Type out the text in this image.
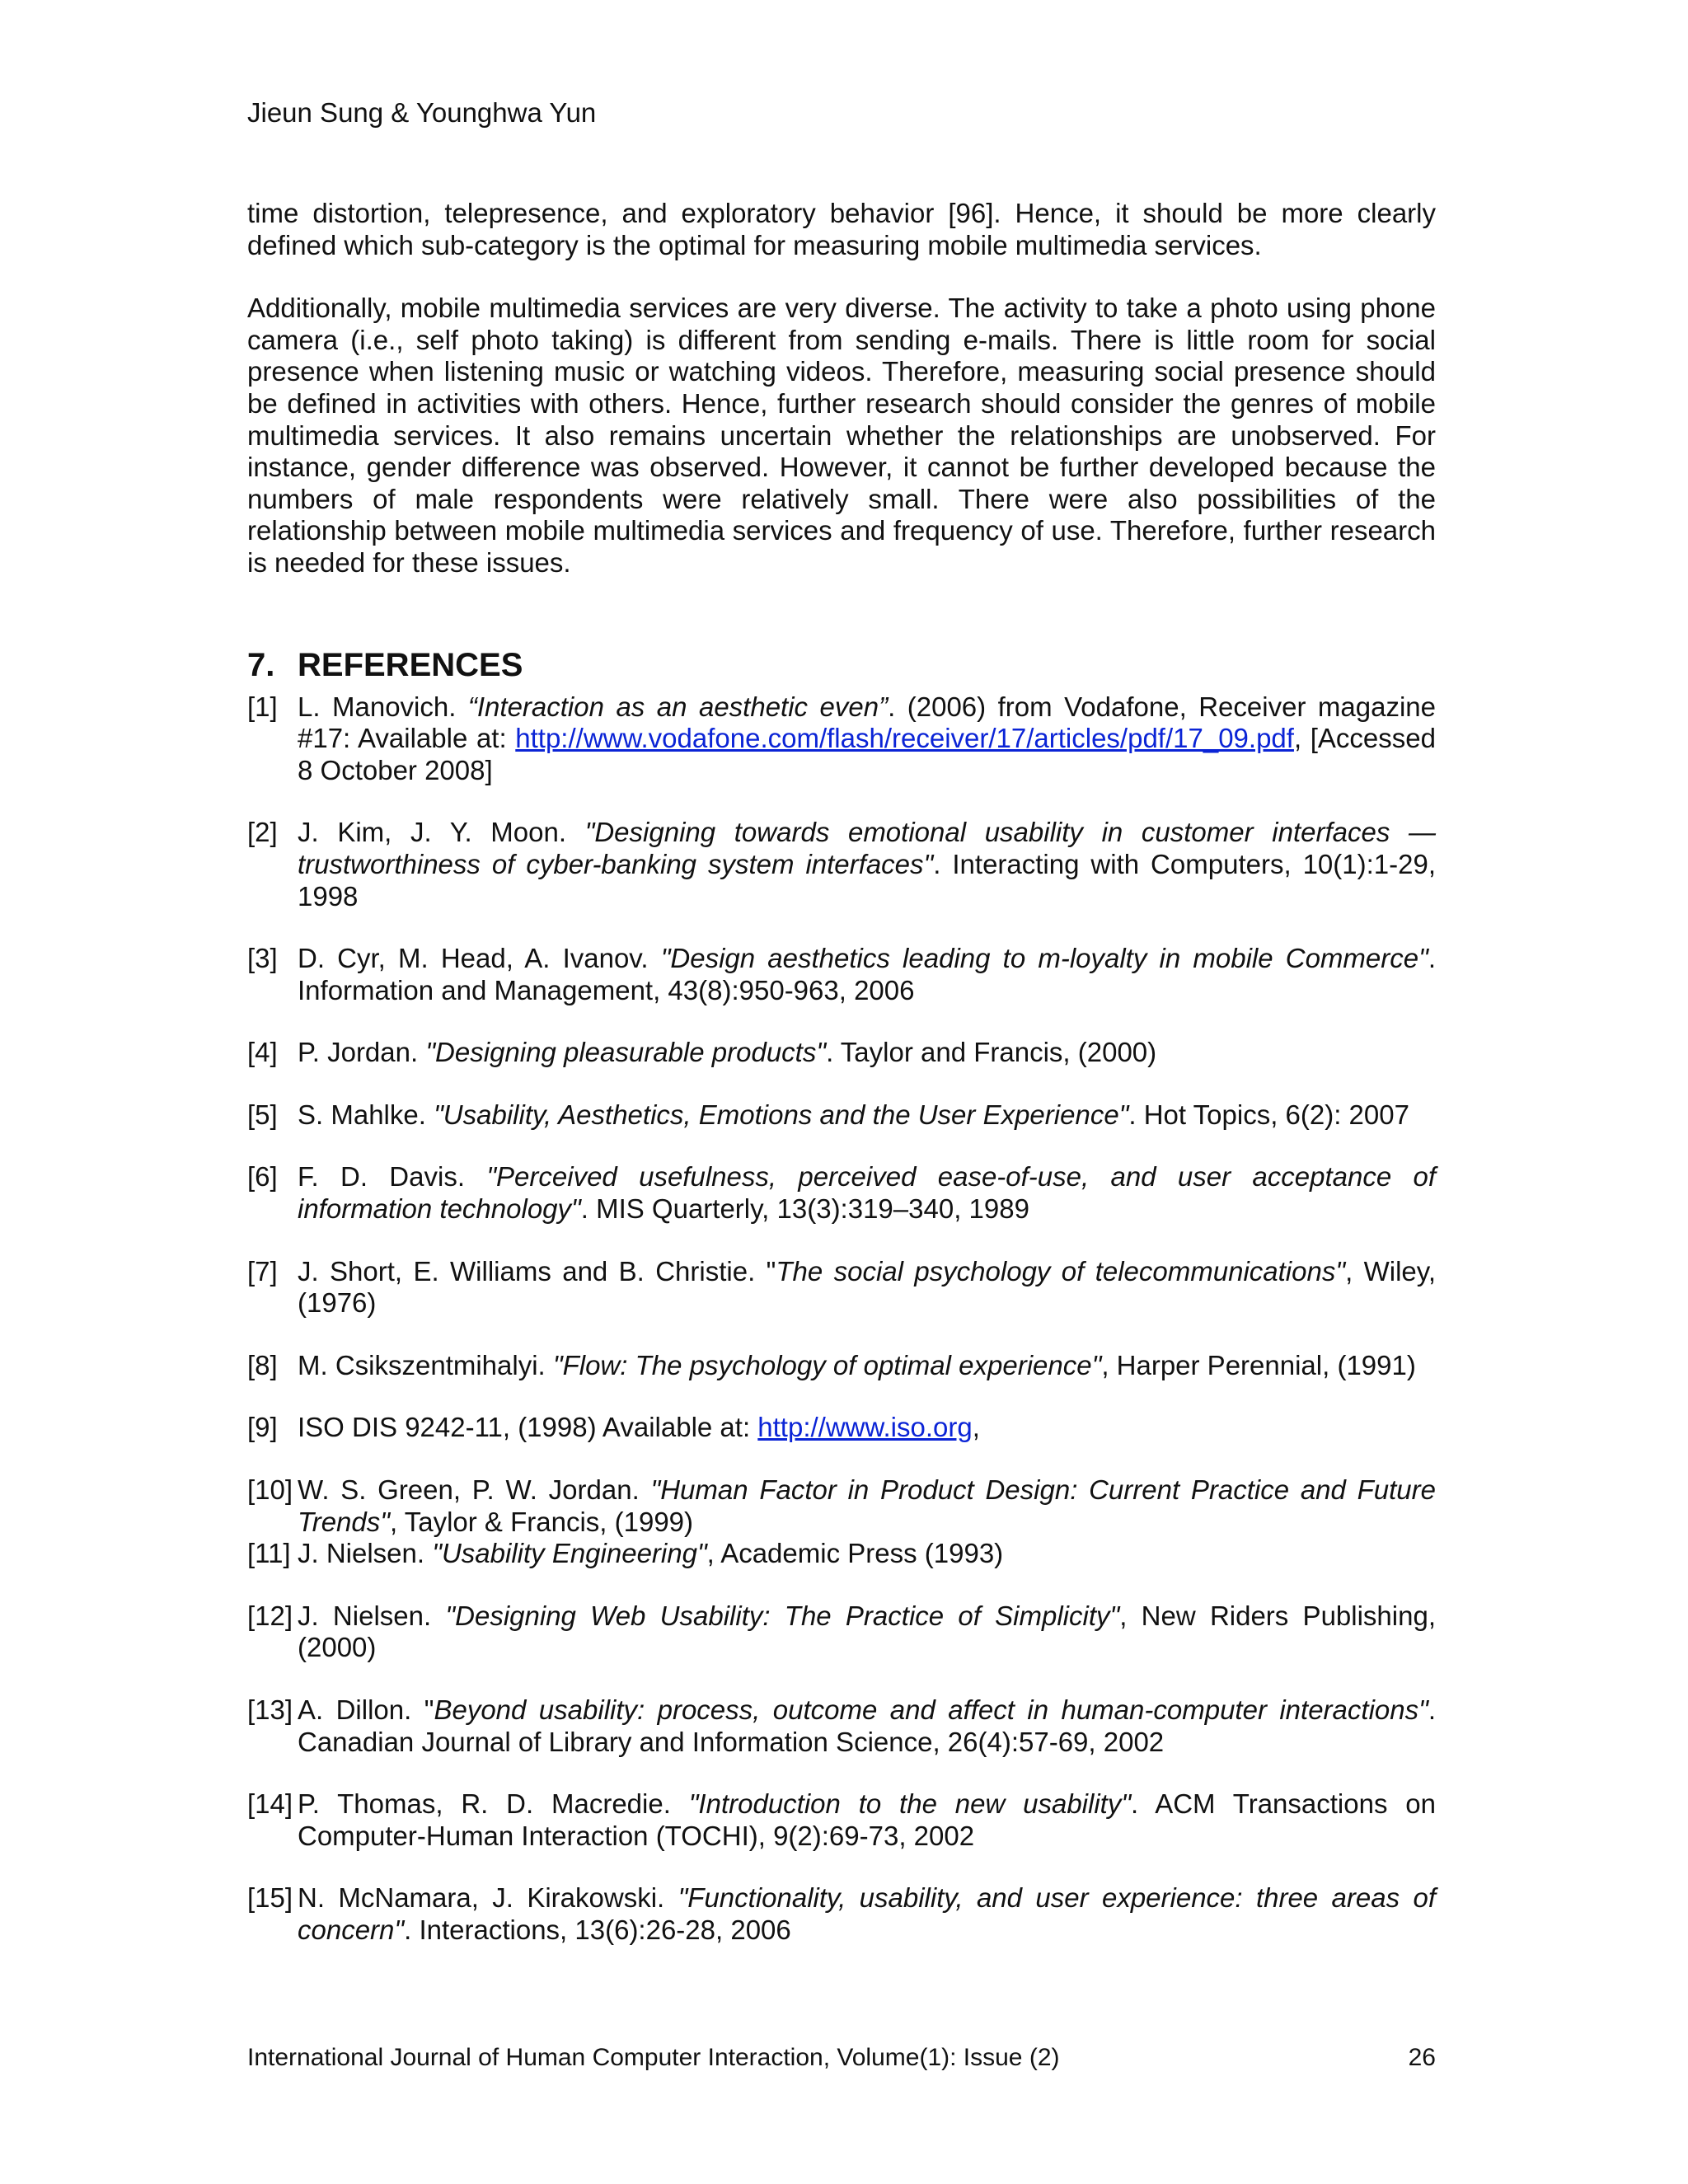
Jieun Sung & Younghwa Yun

time distortion, telepresence, and exploratory behavior [96]. Hence, it should be more clearly defined which sub-category is the optimal for measuring mobile multimedia services.

Additionally, mobile multimedia services are very diverse. The activity to take a photo using phone camera (i.e., self photo taking) is different from sending e-mails. There is little room for social presence when listening music or watching videos. Therefore, measuring social presence should be defined in activities with others. Hence, further research should consider the genres of mobile multimedia services. It also remains uncertain whether the relationships are unobserved. For instance, gender difference was observed. However, it cannot be further developed because the numbers of male respondents were relatively small. There were also possibilities of the relationship between mobile multimedia services and frequency of use. Therefore, further research is needed for these issues.

7. REFERENCES
[1] L. Manovich. “Interaction as an aesthetic even”. (2006) from Vodafone, Receiver magazine #17: Available at: http://www.vodafone.com/flash/receiver/17/articles/pdf/17_09.pdf, [Accessed 8 October 2008]
[2] J. Kim, J. Y. Moon. "Designing towards emotional usability in customer interfaces — trustworthiness of cyber-banking system interfaces". Interacting with Computers, 10(1):1-29, 1998
[3] D. Cyr, M. Head, A. Ivanov. "Design aesthetics leading to m-loyalty in mobile Commerce". Information and Management, 43(8):950-963, 2006
[4] P. Jordan. "Designing pleasurable products". Taylor and Francis, (2000)
[5] S. Mahlke. "Usability, Aesthetics, Emotions and the User Experience". Hot Topics, 6(2): 2007
[6] F. D. Davis. "Perceived usefulness, perceived ease-of-use, and user acceptance of information technology". MIS Quarterly, 13(3):319–340, 1989
[7] J. Short, E. Williams and B. Christie. "The social psychology of telecommunications", Wiley, (1976)
[8] M. Csikszentmihalyi. "Flow: The psychology of optimal experience", Harper Perennial, (1991)
[9] ISO DIS 9242-11, (1998) Available at: http://www.iso.org,
[10] W. S. Green, P. W. Jordan. "Human Factor in Product Design: Current Practice and Future Trends", Taylor & Francis, (1999)
[11] J. Nielsen. "Usability Engineering", Academic Press (1993)
[12] J. Nielsen. "Designing Web Usability: The Practice of Simplicity", New Riders Publishing, (2000)
[13] A. Dillon. "Beyond usability: process, outcome and affect in human-computer interactions". Canadian Journal of Library and Information Science, 26(4):57-69, 2002
[14] P. Thomas, R. D. Macredie. "Introduction to the new usability". ACM Transactions on Computer-Human Interaction (TOCHI), 9(2):69-73, 2002
[15] N. McNamara, J. Kirakowski. "Functionality, usability, and user experience: three areas of concern". Interactions, 13(6):26-28, 2006
International Journal of Human Computer Interaction, Volume(1): Issue (2)	26
